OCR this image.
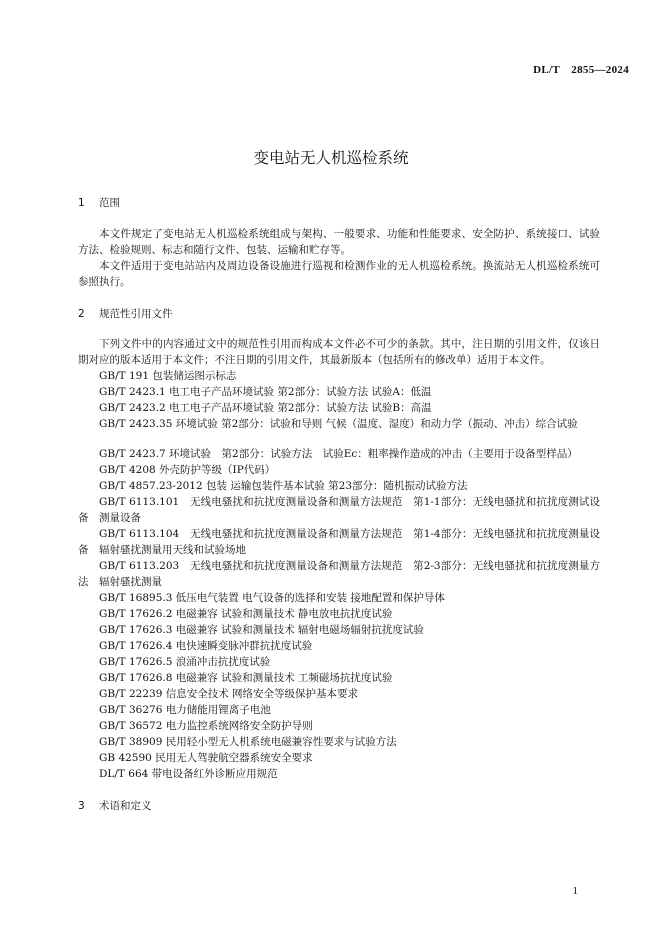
DL/T 2855—2024
变电站无人机巡检系统
1	范围

本文件规定了变电站无人机巡检系统组成与架构、一般要求、功能和性能要求、安全防护、系统接口、试验方法、检验规则、标志和随行文件、包装、运输和贮存等。

本文件适用于变电站站内及周边设备设施进行巡视和检测作业的无人机巡检系统。换流站无人机巡检系统可参照执行。

2	规范性引用文件

下列文件中的内容通过文中的规范性引用而构成本文件必不可少的条款。其中，注日期的引用文件，仅该日期对应的版本适用于本文件；不注日期的引用文件，其最新版本（包括所有的修改单）适用于本文件。

GB/T 191 包装储运图示标志

GB/T 2423.1 电工电子产品环境试验 第2部分：试验方法 试验A：低温

GB/T 2423.2 电工电子产品环境试验 第2部分：试验方法 试验B：高温

GB/T 2423.35 环境试验 第2部分：试验和导则 气候（温度、湿度）和动力学（振动、冲击）综合试验

GB/T 2423.7 环境试验　第2部分：试验方法　试验Ec：粗率操作造成的冲击（主要用于设备型样品）

GB/T 4208 外壳防护等级（IP代码）

GB/T 4857.23-2012 包装 运输包装件基本试验 第23部分：随机振动试验方法

GB/T 6113.101　无线电骚扰和抗扰度测量设备和测量方法规范　第1-1部分：无线电骚扰和抗扰度测试设备　测量设备

GB/T 6113.104　无线电骚扰和抗扰度测量设备和测量方法规范　第1-4部分：无线电骚扰和抗扰度测量设备　辐射骚扰测量用天线和试验场地

GB/T 6113.203　无线电骚扰和抗扰度测量设备和测量方法规范　第2-3部分：无线电骚扰和抗扰度测量方法　辐射骚扰测量

GB/T 16895.3 低压电气装置 电气设备的选择和安装 接地配置和保护导体

GB/T 17626.2 电磁兼容 试验和测量技术 静电放电抗扰度试验

GB/T 17626.3 电磁兼容 试验和测量技术 辐射电磁场辐射抗扰度试验

GB/T 17626.4 电快速瞬变脉冲群抗扰度试验

GB/T 17626.5 浪涌冲击抗扰度试验

GB/T 17626.8 电磁兼容 试验和测量技术 工频磁场抗扰度试验

GB/T 22239 信息安全技术 网络安全等级保护基本要求

GB/T 36276 电力储能用锂离子电池

GB/T 36572 电力监控系统网络安全防护导则

GB/T 38909 民用轻小型无人机系统电磁兼容性要求与试验方法

GB 42590 民用无人驾驶航空器系统安全要求

DL/T 664 带电设备红外诊断应用规范

3	术语和定义
1
